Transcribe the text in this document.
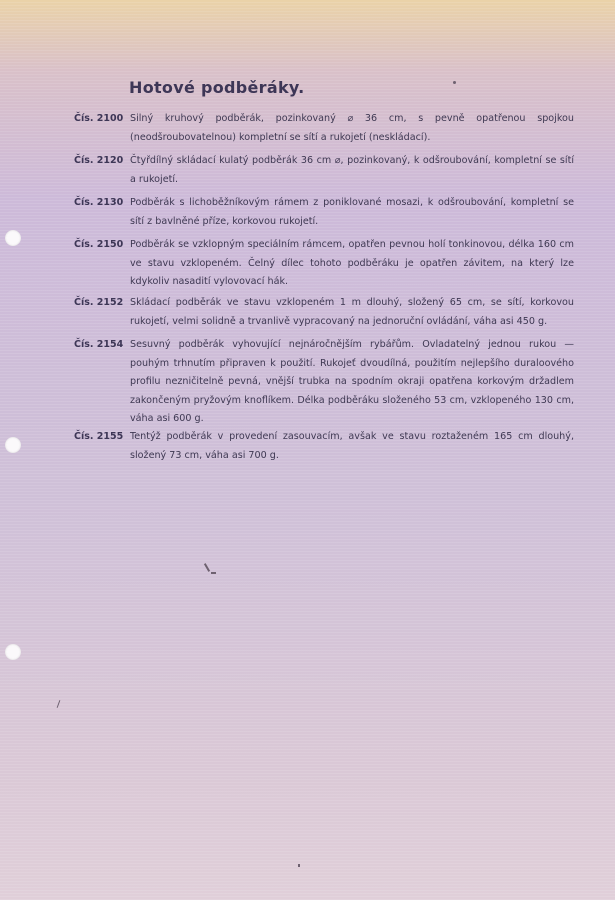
Hotové podběráky.
Čís. 2100 Silný kruhový podběrák, pozinkovaný ⌀ 36 cm, s pevně opatřenou spojkou (neodšroubovatelnou) kompletní se sítí a rukojetí (neskládací).

Čís. 2120 Čtyřdílný skládací kulatý podběrák 36 cm ⌀, pozinkovaný, k odšroubování, kompletní se sítí a rukojetí.

Čís. 2130 Podběrák s lichoběžníkovým rámem z poniklované mosazi, k odšroubování, kompletní se sítí z bavlněné příze, korkovou rukojetí.

Čís. 2150 Podběrák se vzklopným speciálním rámcem, opatřen pevnou holí tonkinovou, délka 160 cm ve stavu vzklopeném. Čelný dílec tohoto podběráku je opatřen závitem, na který lze kdykoliv nasadití vylovovací hák.

Čís. 2152 Skládací podběrák ve stavu vzklopeném 1 m dlouhý, složený 65 cm, se sítí, korkovou rukojetí, velmi solidně a trvanlivě vypracovaný na jednoruční ovládání, váha asi 450 g.

Čís. 2154 Sesuvný podběrák vyhovující nejnáročnějším rybářům. Ovladatelný jednou rukou — pouhým trhnutím připraven k použití. Rukojeť dvoudílná, použitím nejlepšího duraloového profilu nezničitelně pevná, vnější trubka na spodním okraji opatřena korkovým držadlem zakončeným pryžovým knoflíkem. Délka podběráku složeného 53 cm, vzklopeného 130 cm, váha asi 600 g.

Čís. 2155 Tentýž podběrák v provedení zasouvacím, avšak ve stavu roztaženém 165 cm dlouhý, složený 73 cm, váha asi 700 g.
